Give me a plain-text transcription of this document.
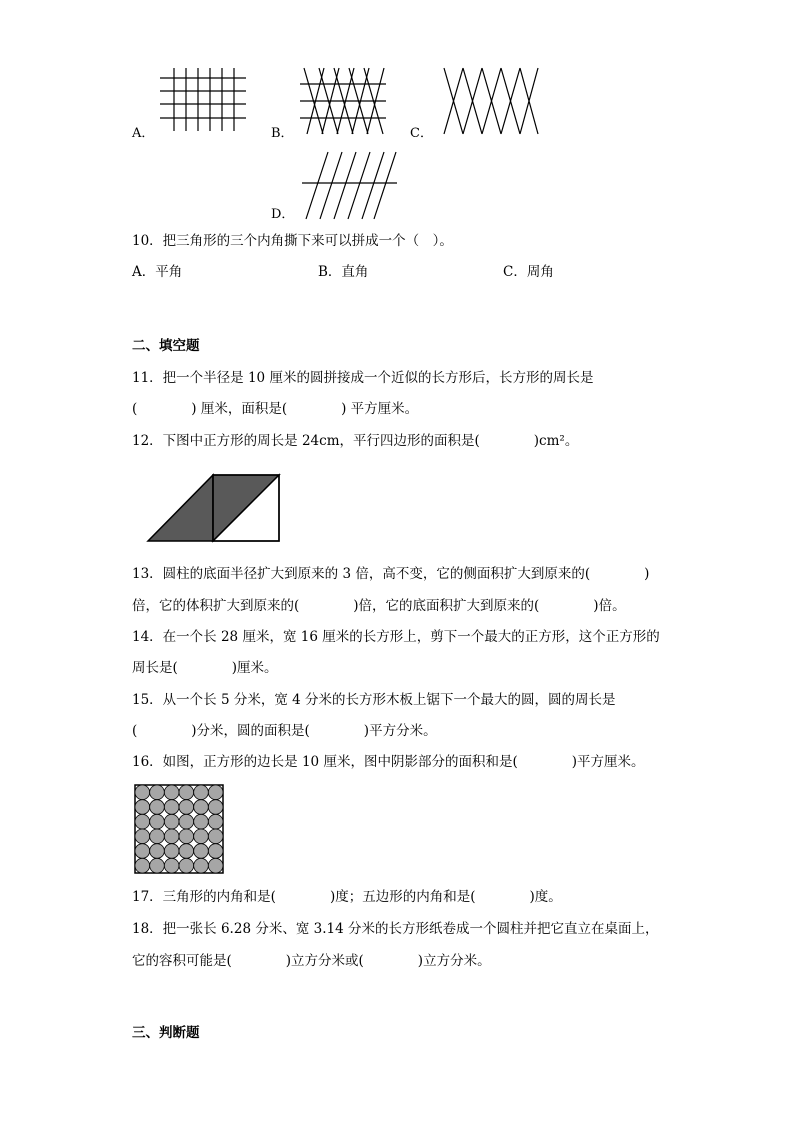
A．	B．	C．
D．
10．把三角形的三个内角撕下来可以拼成一个（　）。
A．平角	B．直角	C．周角
二、填空题
11．把一个半径是 10 厘米的圆拼接成一个近似的长方形后，长方形的周长是
(　　　　) 厘米，面积是(　　　　) 平方厘米。
12．下图中正方形的周长是 24cm，平行四边形的面积是(　　　　)cm²。
13．圆柱的底面半径扩大到原来的 3 倍，高不变，它的侧面积扩大到原来的(　　　　)
倍，它的体积扩大到原来的(　　　　)倍，它的底面积扩大到原来的(　　　　)倍。
14．在一个长 28 厘米，宽 16 厘米的长方形上，剪下一个最大的正方形，这个正方形的
周长是(　　　　)厘米。
15．从一个长 5 分米，宽 4 分米的长方形木板上锯下一个最大的圆，圆的周长是
(　　　　)分米，圆的面积是(　　　　)平方分米。
16．如图，正方形的边长是 10 厘米，图中阴影部分的面积和是(　　　　)平方厘米。
17．三角形的内角和是(　　　　)度；五边形的内角和是(　　　　)度。
18．把一张长 6.28 分米、宽 3.14 分米的长方形纸卷成一个圆柱并把它直立在桌面上，
它的容积可能是(　　　　)立方分米或(　　　　)立方分米。
三、判断题
